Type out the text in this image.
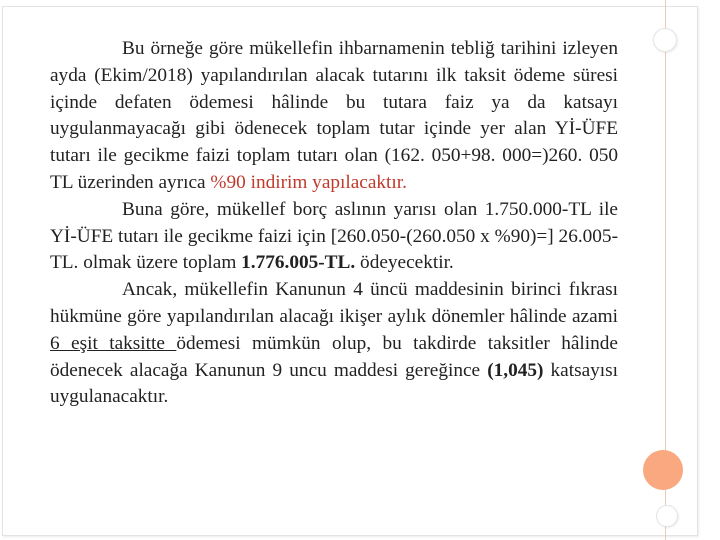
Bu örneğe göre mükellefin ihbarnamenin tebliğ tarihini izleyen ayda (Ekim/2018) yapılandırılan alacak tutarını ilk taksit ödeme süresi içinde defaten ödemesi hâlinde bu tutara faiz ya da katsayı uygulanmayacağı gibi ödenecek toplam tutar içinde yer alan Yİ-ÜFE tutarı ile gecikme faizi toplam tutarı olan (162. 050+98. 000=)260. 050 TL üzerinden ayrıca %90 indirim yapılacaktır.

Buna göre, mükellef borç aslının yarısı olan 1.750.000-TL ile Yİ-ÜFE tutarı ile gecikme faizi için [260.050-(260.050 x %90)=] 26.005-TL. olmak üzere toplam 1.776.005-TL. ödeyecektir.

Ancak, mükellefin Kanunun 4 üncü maddesinin birinci fıkrası hükmüne göre yapılandırılan alacağı ikişer aylık dönemler hâlinde azami 6 eşit taksitte ödemesi mümkün olup, bu takdirde taksitler hâlinde ödenecek alacağa Kanunun 9 uncu maddesi gereğince (1,045) katsayısı uygulanacaktır.
